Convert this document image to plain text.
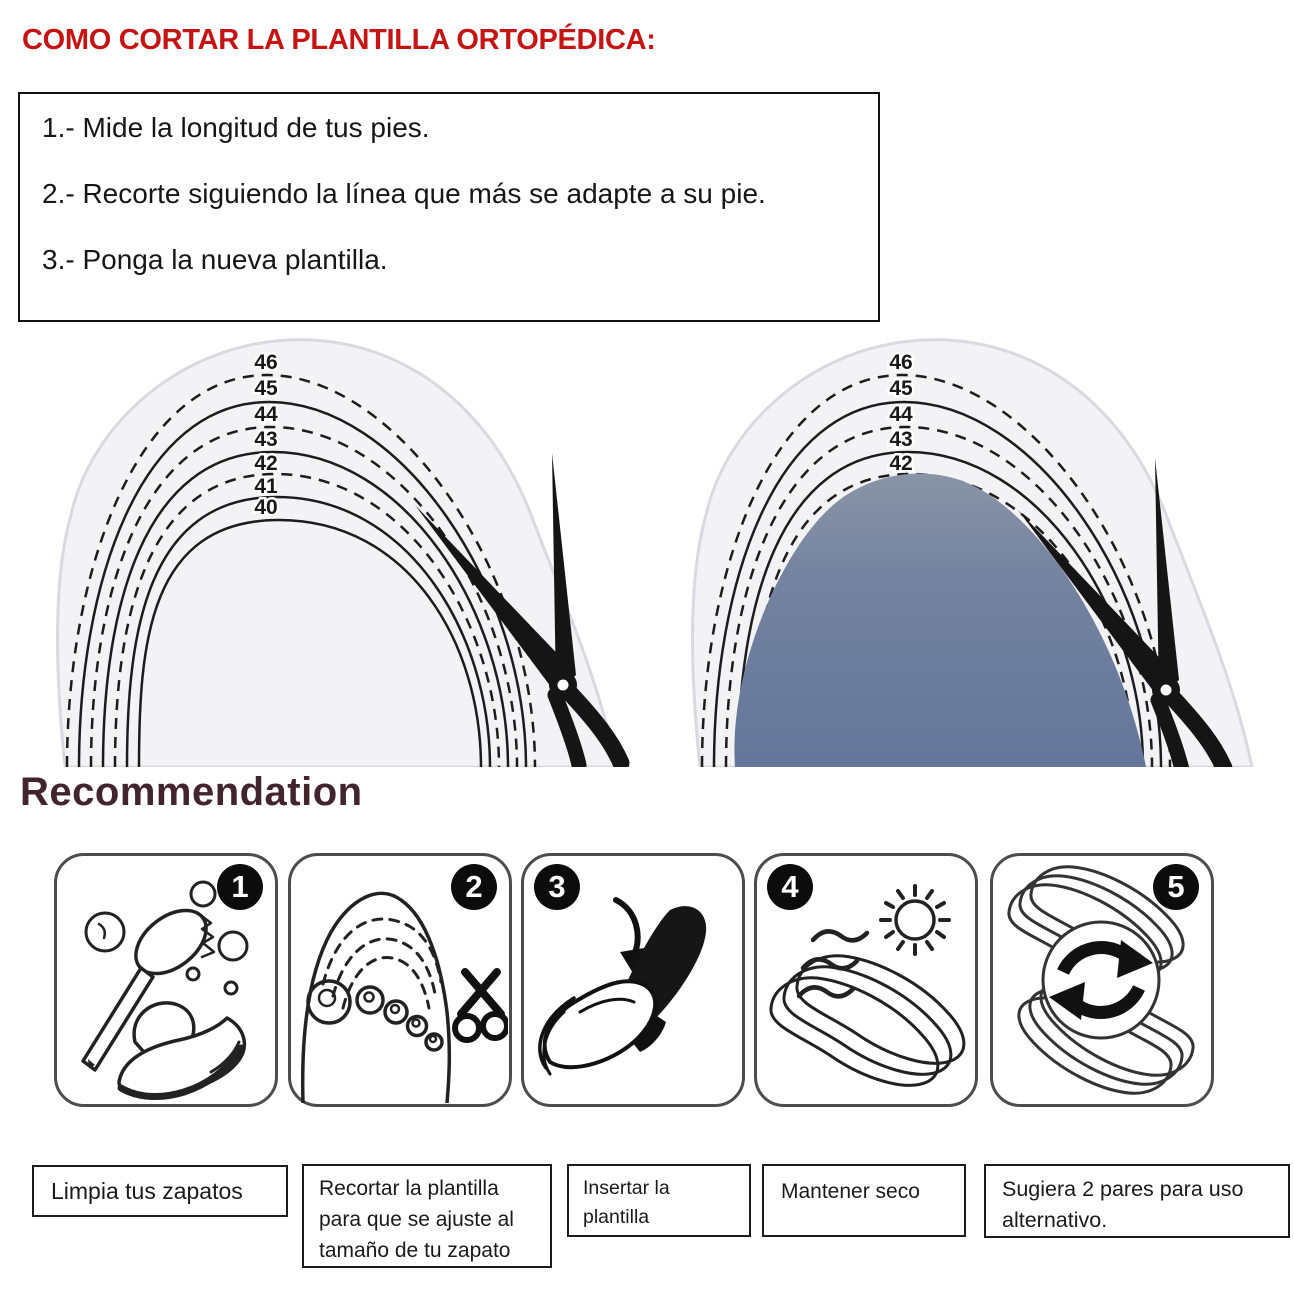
COMO CORTAR LA PLANTILLA ORTOPÉDICA:

1.- Mide la longitud de tus pies.

2.- Recorte siguiendo la línea que más se adapte a su pie.

3.- Ponga la nueva plantilla.

46
45
44
43
42
41
40
46
45
44
43
42
Recommendation
1	2 3	4	5
Limpia tus zapatos	Recortar la plantilla
para que se ajuste al
tamaño de tu zapato
Insertar la
plantilla
Mantener seco	Sugiera 2 pares para uso
alternativo.
